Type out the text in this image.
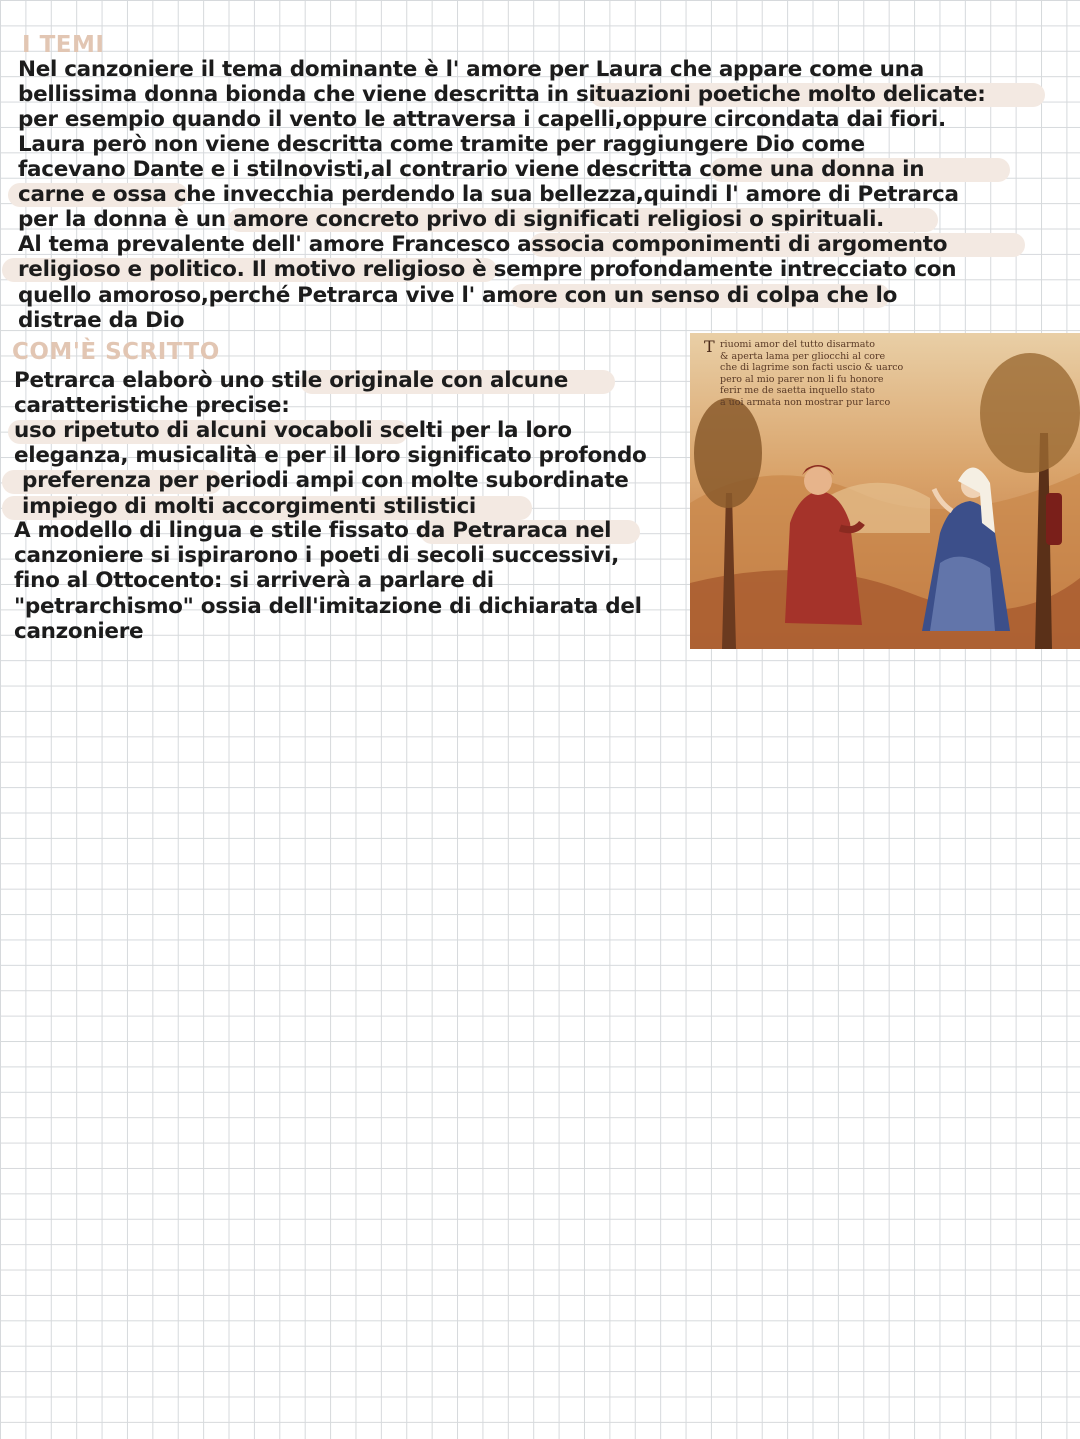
I TEMI
Nel canzoniere il tema dominante è l' amore per Laura che appare come una
bellissima donna bionda che viene descritta in situazioni poetiche molto delicate:
per esempio quando il vento le attraversa i capelli,oppure circondata dai fiori.
Laura però non viene descritta come tramite per raggiungere Dio come
facevano Dante e i stilnovisti,al contrario viene descritta come una donna in
carne e ossa che invecchia perdendo la sua bellezza,quindi l' amore di Petrarca
per la donna è un amore concreto privo di significati religiosi o spirituali.
Al tema prevalente dell' amore Francesco associa componimenti di argomento
religioso e politico. Il motivo religioso è sempre profondamente intrecciato con
quello amoroso,perché Petrarca vive l' amore con un senso di colpa che lo
distrae da Dio
COM'È SCRITTO
Petrarca elaborò uno stile originale con alcune
caratteristiche precise:
uso ripetuto di alcuni vocaboli scelti per la loro
eleganza, musicalità e per il loro significato profondo
preferenza per periodi ampi con molte subordinate
impiego di molti accorgimenti stilistici
A modello di lingua e stile fissato da Petraraca nel
canzoniere si ispirarono i poeti di secoli successivi,
fino al Ottocento: si arriverà a parlare di
"petrarchismo" ossia dell'imitazione di dichiarata del
canzoniere
T riuomi amor del tutto disarmato
& aperta lama per gliocchi al core
che di lagrime son facti uscio & uarco
pero al mio parer non li fu honore
ferir me de saetta inquello stato
a uoi armata non mostrar pur larco
